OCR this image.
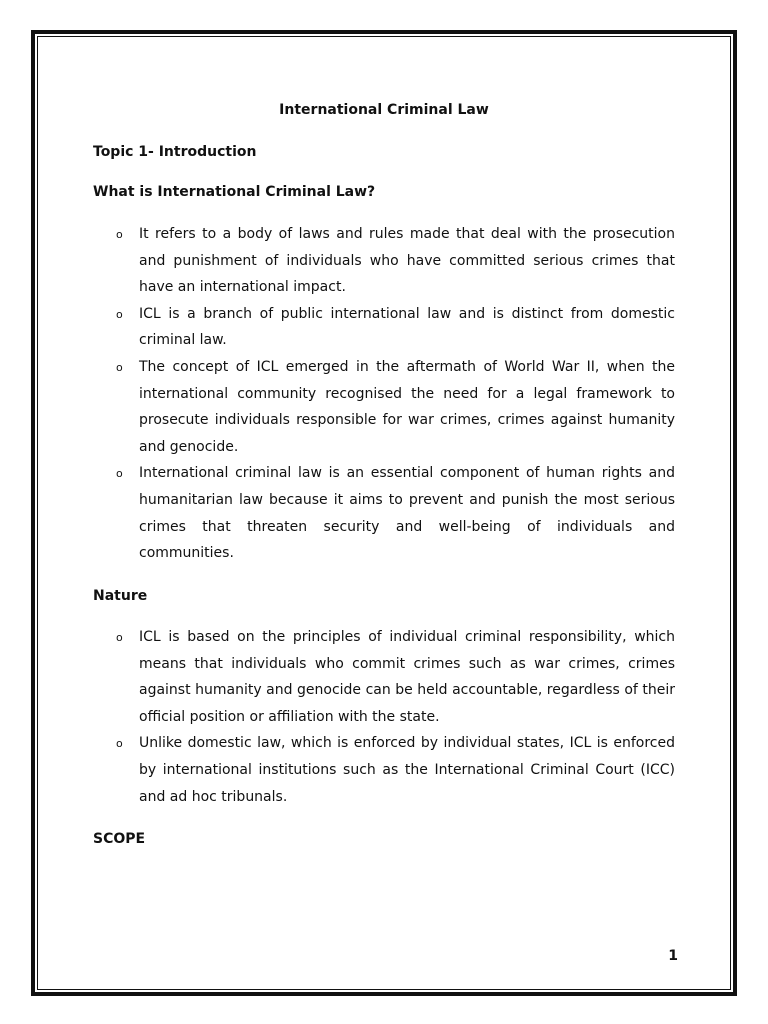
International Criminal Law
Topic 1- Introduction
What is International Criminal Law?
o It refers to a body of laws and rules made that deal with the prosecution and punishment of individuals who have committed serious crimes that have an international impact.
o ICL is a branch of public international law and is distinct from domestic criminal law.
o The concept of ICL emerged in the aftermath of World War II, when the international community recognised the need for a legal framework to prosecute individuals responsible for war crimes, crimes against humanity and genocide.
o International criminal law is an essential component of human rights and humanitarian law because it aims to prevent and punish the most serious crimes that threaten security and well-being of individuals and communities.
Nature
o ICL is based on the principles of individual criminal responsibility, which means that individuals who commit crimes such as war crimes, crimes against humanity and genocide can be held accountable, regardless of their official position or affiliation with the state.
o Unlike domestic law, which is enforced by individual states, ICL is enforced by international institutions such as the International Criminal Court (ICC) and ad hoc tribunals.
SCOPE
1
